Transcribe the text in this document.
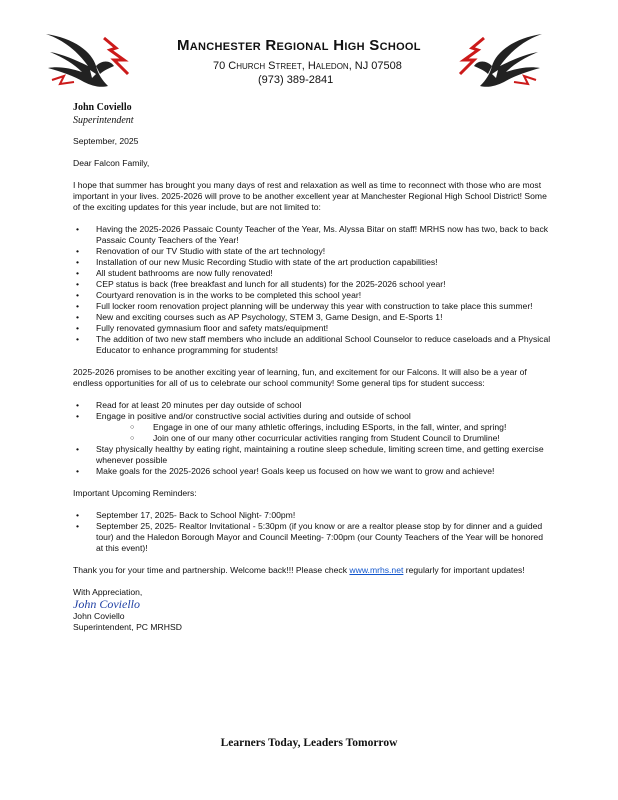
Manchester Regional High School
70 Church Street, Haledon, NJ 07508
(973) 389-2841
John Coviello
Superintendent

September, 2025

Dear Falcon Family,

I hope that summer has brought you many days of rest and relaxation as well as time to reconnect with those who are most important in your lives. 2025-2026 will prove to be another excellent year at Manchester Regional High School District! Some of the exciting updates for this year include, but are not limited to:

• Having the 2025-2026 Passaic County Teacher of the Year, Ms. Alyssa Bitar on staff! MRHS now has two, back to back Passaic County Teachers of the Year!
• Renovation of our TV Studio with state of the art technology!
• Installation of our new Music Recording Studio with state of the art production capabilities!
• All student bathrooms are now fully renovated!
• CEP status is back (free breakfast and lunch for all students) for the 2025-2026 school year!
• Courtyard renovation is in the works to be completed this school year!
• Full locker room renovation project planning will be underway this year with construction to take place this summer!
• New and exciting courses such as AP Psychology, STEM 3, Game Design, and E-Sports 1!
• Fully renovated gymnasium floor and safety mats/equipment!
• The addition of two new staff members who include an additional School Counselor to reduce caseloads and a Physical Educator to enhance programming for students!

2025-2026 promises to be another exciting year of learning, fun, and excitement for our Falcons. It will also be a year of endless opportunities for all of us to celebrate our school community! Some general tips for student success:

• Read for at least 20 minutes per day outside of school
• Engage in positive and/or constructive social activities during and outside of school
○ Engage in one of our many athletic offerings, including ESports, in the fall, winter, and spring!
○ Join one of our many other cocurricular activities ranging from Student Council to Drumline!
• Stay physically healthy by eating right, maintaining a routine sleep schedule, limiting screen time, and getting exercise whenever possible
• Make goals for the 2025-2026 school year! Goals keep us focused on how we want to grow and achieve!

Important Upcoming Reminders:

• September 17, 2025- Back to School Night- 7:00pm!
• September 25, 2025- Realtor Invitational - 5:30pm (if you know or are a realtor please stop by for dinner and a guided tour) and the Haledon Borough Mayor and Council Meeting- 7:00pm (our County Teachers of the Year will be honored at this event)!

Thank you for your time and partnership. Welcome back!!! Please check www.mrhs.net regularly for important updates!

With Appreciation,

John Coviello

John Coviello

Superintendent, PC MRHSD

Learners Today, Leaders Tomorrow
